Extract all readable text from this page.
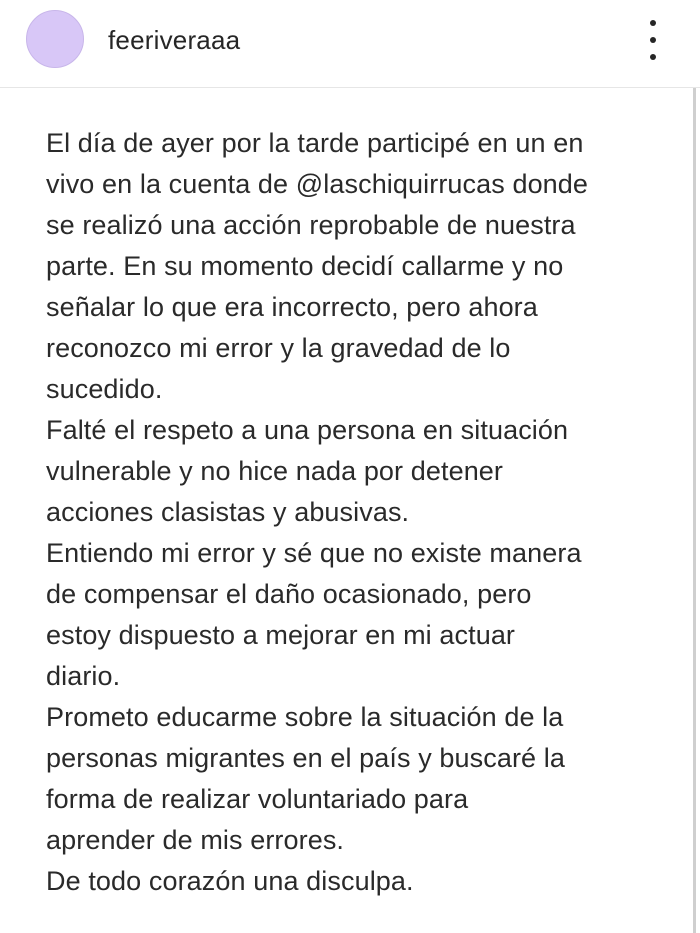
feeriveraaa

El día de ayer por la tarde participé en un en
vivo en la cuenta de @laschiquirrucas donde
se realizó una acción reprobable de nuestra
parte. En su momento decidí callarme y no
señalar lo que era incorrecto, pero ahora
reconozco mi error y la gravedad de lo
sucedido.
Falté el respeto a una persona en situación
vulnerable y no hice nada por detener
acciones clasistas y abusivas.
Entiendo mi error y sé que no existe manera
de compensar el daño ocasionado, pero
estoy dispuesto a mejorar en mi actuar
diario.
Prometo educarme sobre la situación de la
personas migrantes en el país y buscaré la
forma de realizar voluntariado para
aprender de mis errores.
De todo corazón una disculpa.
